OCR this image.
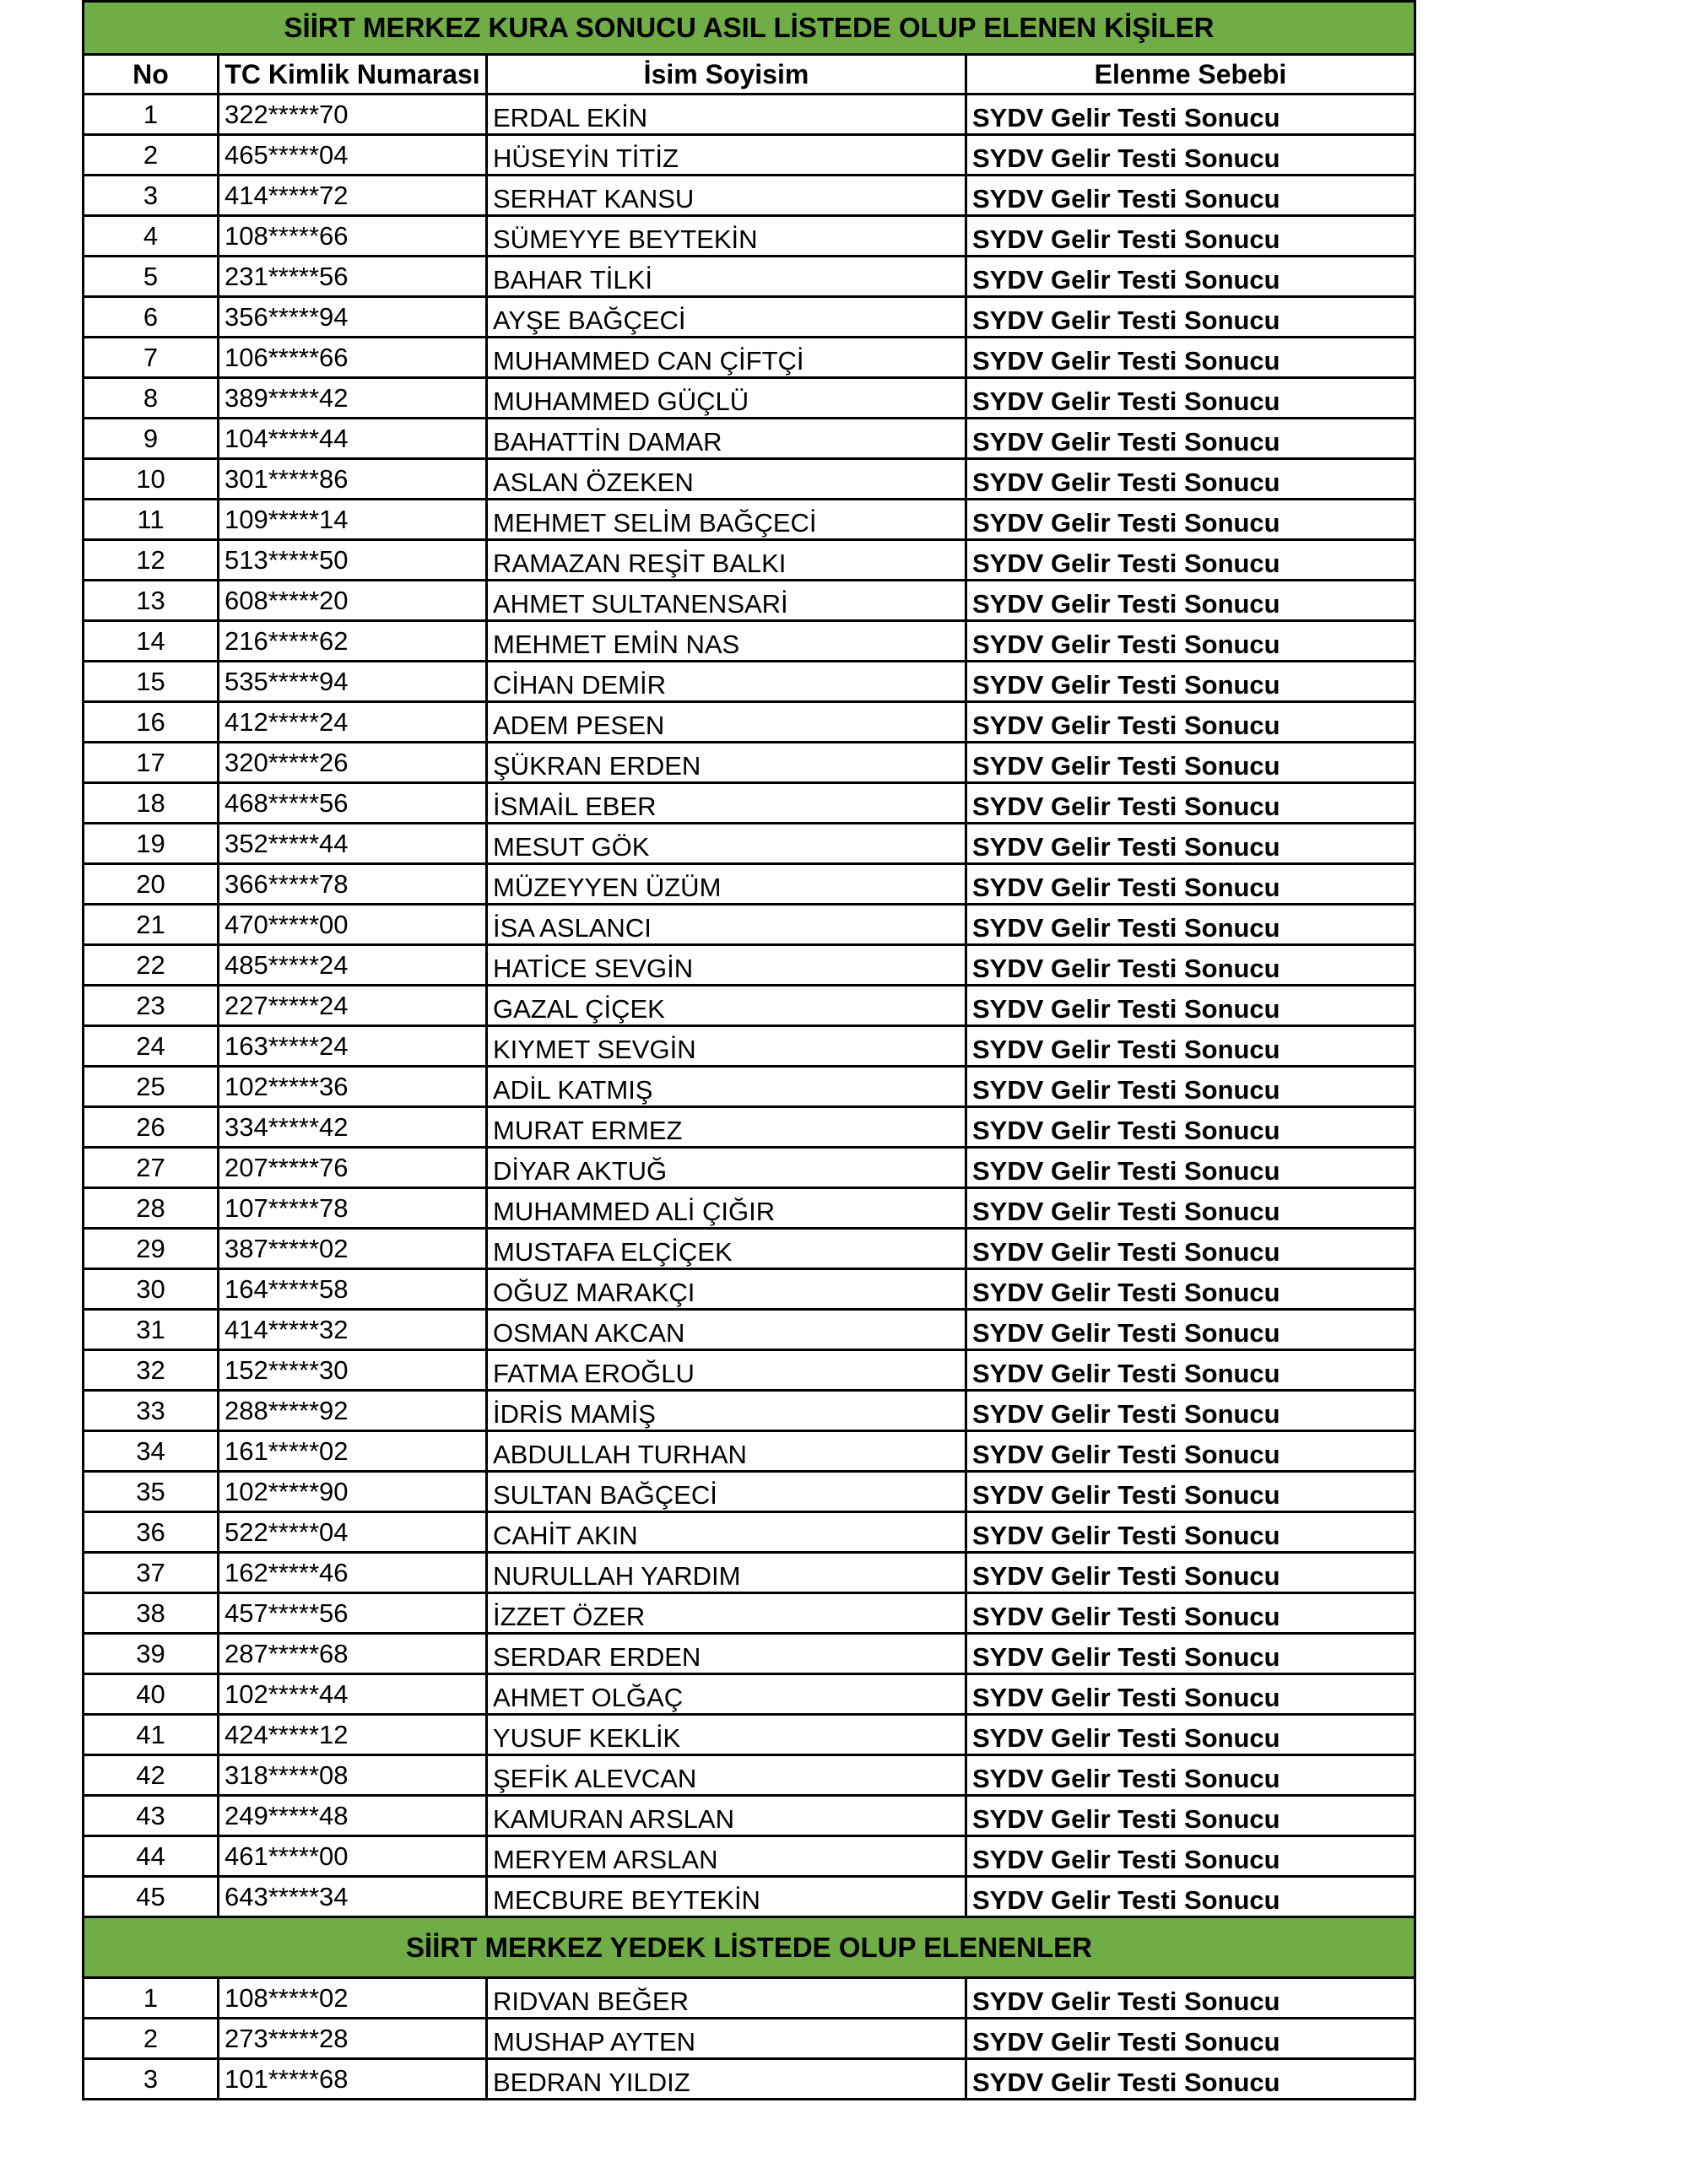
SİİRT MERKEZ KURA SONUCU ASIL LİSTEDE OLUP ELENEN KİŞİLER			
No	TC Kimlik Numarası	İsim Soyisim	Elenme Sebebi
1	322*****70	ERDAL EKİN	SYDV Gelir Testi Sonucu
2	465*****04	HÜSEYİN TİTİZ	SYDV Gelir Testi Sonucu
3	414*****72	SERHAT KANSU	SYDV Gelir Testi Sonucu
4	108*****66	SÜMEYYE BEYTEKİN	SYDV Gelir Testi Sonucu
5	231*****56	BAHAR TİLKİ	SYDV Gelir Testi Sonucu
6	356*****94	AYŞE BAĞÇECİ	SYDV Gelir Testi Sonucu
7	106*****66	MUHAMMED CAN ÇİFTÇİ	SYDV Gelir Testi Sonucu
8	389*****42	MUHAMMED GÜÇLÜ	SYDV Gelir Testi Sonucu
9	104*****44	BAHATTİN DAMAR	SYDV Gelir Testi Sonucu
10	301*****86	ASLAN ÖZEKEN	SYDV Gelir Testi Sonucu
11	109*****14	MEHMET SELİM BAĞÇECİ	SYDV Gelir Testi Sonucu
12	513*****50	RAMAZAN REŞİT BALKI	SYDV Gelir Testi Sonucu
13	608*****20	AHMET SULTANENSARİ	SYDV Gelir Testi Sonucu
14	216*****62	MEHMET EMİN NAS	SYDV Gelir Testi Sonucu
15	535*****94	CİHAN DEMİR	SYDV Gelir Testi Sonucu
16	412*****24	ADEM PESEN	SYDV Gelir Testi Sonucu
17	320*****26	ŞÜKRAN ERDEN	SYDV Gelir Testi Sonucu
18	468*****56	İSMAİL EBER	SYDV Gelir Testi Sonucu
19	352*****44	MESUT GÖK	SYDV Gelir Testi Sonucu
20	366*****78	MÜZEYYEN ÜZÜM	SYDV Gelir Testi Sonucu
21	470*****00	İSA ASLANCI	SYDV Gelir Testi Sonucu
22	485*****24	HATİCE SEVGİN	SYDV Gelir Testi Sonucu
23	227*****24	GAZAL ÇİÇEK	SYDV Gelir Testi Sonucu
24	163*****24	KIYMET SEVGİN	SYDV Gelir Testi Sonucu
25	102*****36	ADİL KATMIŞ	SYDV Gelir Testi Sonucu
26	334*****42	MURAT ERMEZ	SYDV Gelir Testi Sonucu
27	207*****76	DİYAR AKTUĞ	SYDV Gelir Testi Sonucu
28	107*****78	MUHAMMED ALİ ÇIĞIR	SYDV Gelir Testi Sonucu
29	387*****02	MUSTAFA ELÇİÇEK	SYDV Gelir Testi Sonucu
30	164*****58	OĞUZ MARAKÇI	SYDV Gelir Testi Sonucu
31	414*****32	OSMAN AKCAN	SYDV Gelir Testi Sonucu
32	152*****30	FATMA EROĞLU	SYDV Gelir Testi Sonucu
33	288*****92	İDRİS MAMİŞ	SYDV Gelir Testi Sonucu
34	161*****02	ABDULLAH TURHAN	SYDV Gelir Testi Sonucu
35	102*****90	SULTAN BAĞÇECİ	SYDV Gelir Testi Sonucu
36	522*****04	CAHİT AKIN	SYDV Gelir Testi Sonucu
37	162*****46	NURULLAH YARDIM	SYDV Gelir Testi Sonucu
38	457*****56	İZZET ÖZER	SYDV Gelir Testi Sonucu
39	287*****68	SERDAR ERDEN	SYDV Gelir Testi Sonucu
40	102*****44	AHMET OLĞAÇ	SYDV Gelir Testi Sonucu
41	424*****12	YUSUF KEKLİK	SYDV Gelir Testi Sonucu
42	318*****08	ŞEFİK ALEVCAN	SYDV Gelir Testi Sonucu
43	249*****48	KAMURAN ARSLAN	SYDV Gelir Testi Sonucu
44	461*****00	MERYEM ARSLAN	SYDV Gelir Testi Sonucu
45	643*****34	MECBURE BEYTEKİN	SYDV Gelir Testi Sonucu
SİİRT MERKEZ YEDEK LİSTEDE OLUP ELENENLER			
1	108*****02	RIDVAN BEĞER	SYDV Gelir Testi Sonucu
2	273*****28	MUSHAP AYTEN	SYDV Gelir Testi Sonucu
3	101*****68	BEDRAN YILDIZ	SYDV Gelir Testi Sonucu
